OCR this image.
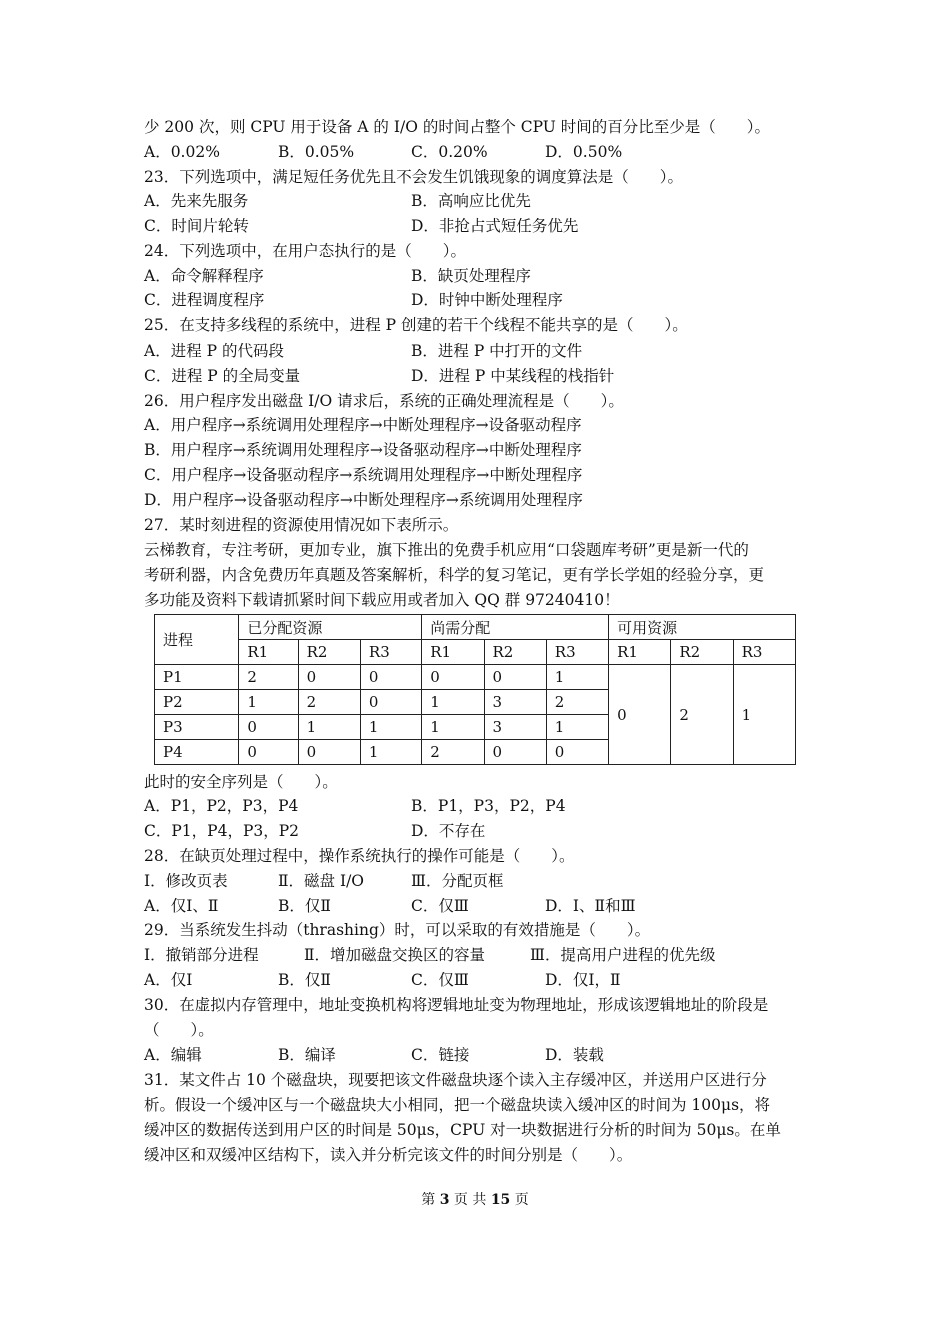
少 200 次，则 CPU 用于设备 A 的 I/O 的时间占整个 CPU 时间的百分比至少是（　　）。
A．0.02%	B．0.05%	C．0.20%	D．0.50%
23．下列选项中，满足短任务优先且不会发生饥饿现象的调度算法是（　　）。
A．先来先服务	B．高响应比优先
C．时间片轮转	D．非抢占式短任务优先
24．下列选项中，在用户态执行的是（　　）。
A．命令解释程序	B．缺页处理程序
C．进程调度程序	D．时钟中断处理程序
25．在支持多线程的系统中，进程 P 创建的若干个线程不能共享的是（　　）。
A．进程 P 的代码段	B．进程 P 中打开的文件
C．进程 P 的全局变量	D．进程 P 中某线程的栈指针
26．用户程序发出磁盘 I/O 请求后，系统的正确处理流程是（　　）。
A．用户程序→系统调用处理程序→中断处理程序→设备驱动程序
B．用户程序→系统调用处理程序→设备驱动程序→中断处理程序
C．用户程序→设备驱动程序→系统调用处理程序→中断处理程序
D．用户程序→设备驱动程序→中断处理程序→系统调用处理程序
27．某时刻进程的资源使用情况如下表所示。
云梯教育，专注考研，更加专业，旗下推出的免费手机应用“口袋题库考研”更是新一代的
考研利器，内含免费历年真题及答案解析，科学的复习笔记，更有学长学姐的经验分享，更
多功能及资料下载请抓紧时间下载应用或者加入 QQ 群 97240410！
进程	已分配资源			尚需分配			可用资源		
	R1	R2	R3	R1	R2	R3	R1	R2	R3
P1	2	0	0	0	0	1	0	2	1
P2	1	2	0	1	3	2			
P3	0	1	1	1	3	1			
P4	0	0	1	2	0	0			
此时的安全序列是（　　）。
A．P1，P2，P3，P4	B．P1，P3，P2，P4
C．P1，P4，P3，P2	D．不存在
28．在缺页处理过程中，操作系统执行的操作可能是（　　）。
Ⅰ．修改页表	Ⅱ．磁盘 I/O	Ⅲ．分配页框
A．仅Ⅰ、Ⅱ	B．仅Ⅱ	C．仅Ⅲ	D．Ⅰ、Ⅱ和Ⅲ
29．当系统发生抖动（thrashing）时，可以采取的有效措施是（　　）。
Ⅰ．撤销部分进程	Ⅱ．增加磁盘交换区的容量	Ⅲ．提高用户进程的优先级
A．仅Ⅰ	B．仅Ⅱ	C．仅Ⅲ	D．仅Ⅰ，Ⅱ
30．在虚拟内存管理中，地址变换机构将逻辑地址变为物理地址，形成该逻辑地址的阶段是
（　　）。
A．编辑	B．编译	C．链接	D．装载
31．某文件占 10 个磁盘块，现要把该文件磁盘块逐个读入主存缓冲区，并送用户区进行分
析。假设一个缓冲区与一个磁盘块大小相同，把一个磁盘块读入缓冲区的时间为 100μs，将
缓冲区的数据传送到用户区的时间是 50μs，CPU 对一块数据进行分析的时间为 50μs。在单
缓冲区和双缓冲区结构下，读入并分析完该文件的时间分别是（　　）。
第 3 页 共 15 页
